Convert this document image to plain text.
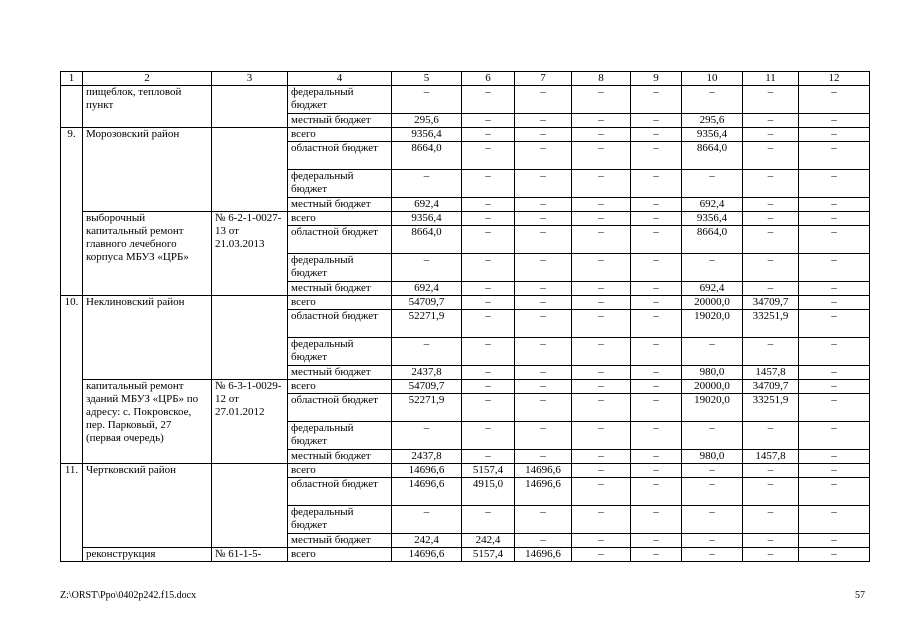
1	2	3	4	5	6	7	8	9	10	11	12
	пищеблок, тепловой пункт		федеральный бюджет	–	–	–	–	–	–	–	–
			местный бюджет	295,6	–	–	–	–	295,6	–	–
9.	Морозовский район		всего	9356,4	–	–	–	–	9356,4	–	–
			областной бюджет	8664,0	–	–	–	–	8664,0	–	–
			федеральный бюджет	–	–	–	–	–	–	–	–
			местный бюджет	692,4	–	–	–	–	692,4	–	–
	выборочный капитальный ремонт главного лечебного корпуса МБУЗ «ЦРБ»	№ 6-2-1-0027-13 от 21.03.2013	всего	9356,4	–	–	–	–	9356,4	–	–
			областной бюджет	8664,0	–	–	–	–	8664,0	–	–
			федеральный бюджет	–	–	–	–	–	–	–	–
			местный бюджет	692,4	–	–	–	–	692,4	–	–
10.	Неклиновский район		всего	54709,7	–	–	–	–	20000,0	34709,7	–
			областной бюджет	52271,9	–	–	–	–	19020,0	33251,9	–
			федеральный бюджет	–	–	–	–	–	–	–	–
			местный бюджет	2437,8	–	–	–	–	980,0	1457,8	–
	капитальный ремонт зданий МБУЗ «ЦРБ» по адресу: с. Покровское, пер. Парковый, 27 (первая очередь)	№ 6-3-1-0029-12 от 27.01.2012	всего	54709,7	–	–	–	–	20000,0	34709,7	–
			областной бюджет	52271,9	–	–	–	–	19020,0	33251,9	–
			федеральный бюджет	–	–	–	–	–	–	–	–
			местный бюджет	2437,8	–	–	–	–	980,0	1457,8	–
11.	Чертковский район		всего	14696,6	5157,4	14696,6	–	–	–	–	–
			областной бюджет	14696,6	4915,0	14696,6	–	–	–	–	–
			федеральный бюджет	–	–	–	–	–	–	–	–
			местный бюджет	242,4	242,4	–	–	–	–	–	–
	реконструкция	№ 61-1-5-	всего	14696,6	5157,4	14696,6	–	–	–	–	–
Z:\ORST\Ppo\0402p242.f15.docx	57
